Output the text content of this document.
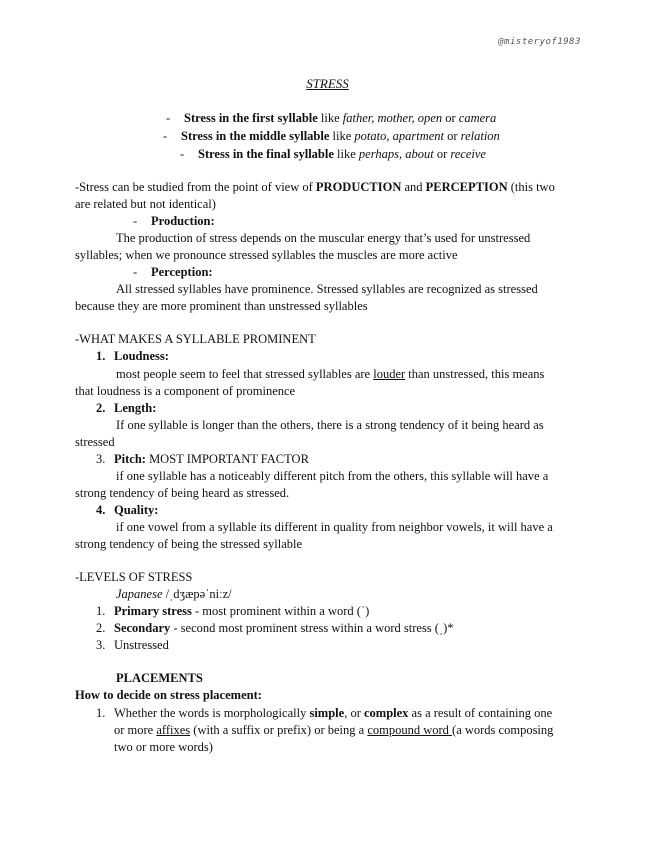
@misteryof1983
STRESS
- Stress in the first syllable like father, mother, open or camera
- Stress in the middle syllable like potato, apartment or relation
- Stress in the final syllable like perhaps, about or receive
-Stress can be studied from the point of view of PRODUCTION and PERCEPTION (this two
are related but not identical)
- Production:
The production of stress depends on the muscular energy that’s used for unstressed
syllables; when we pronounce stressed syllables the muscles are more active
- Perception:
All stressed syllables have prominence. Stressed syllables are recognized as stressed
because they are more prominent than unstressed syllables
-WHAT MAKES A SYLLABLE PROMINENT
1. Loudness:
most people seem to feel that stressed syllables are louder than unstressed, this means
that loudness is a component of prominence
2. Length:
If one syllable is longer than the others, there is a strong tendency of it being heard as
stressed
3. Pitch: MOST IMPORTANT FACTOR
if one syllable has a noticeably different pitch from the others, this syllable will have a
strong tendency of being heard as stressed.
4. Quality:
if one vowel from a syllable its different in quality from neighbor vowels, it will have a
strong tendency of being the stressed syllable
-LEVELS OF STRESS
Japanese /ˌdʒæpəˈniːz/
1. Primary stress - most prominent within a word (ˈ)
2. Secondary - second most prominent stress within a word stress (ˌ)*
3. Unstressed
PLACEMENTS
How to decide on stress placement:
1. Whether the words is morphologically simple, or complex as a result of containing one
or more affixes (with a suffix or prefix) or being a compound word (a words composing
two or more words)
